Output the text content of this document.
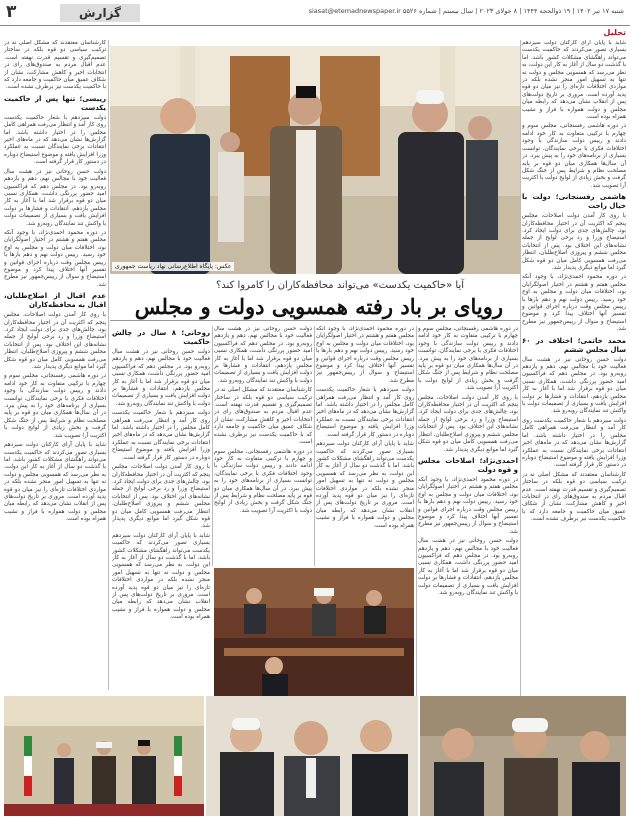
۳	گزارش	شنبه ۱۷ تیر ۱۴۰۲ | ۱۹ ذوالحجه ۱۴۴۴ | ۸ جولای ۲۰۲۳ | سال بیستم | شماره ۵۵۲۶ siasat@etemadnewspaper.ir
تحلیل
عکس: پایگاه اطلاع‌رسانی نهاد ریاست جمهوری
آیا «حاکمیت یکدست» می‌تواند محافظه‌کاران را کامروا کند؟
رویای بر باد رفته همسویی دولت و مجلس

شاید با پایان آرای کارکنان دولت سیزدهم بسیاری تصور می‌کردند که حاکمیت یکدست می‌تواند راهگشای مشکلات کشور باشد. اما با گذشت دو سال از آغاز به کار این دولت، به نظر می‌رسد که همسویی مجلس و دولت نه تنها به تسهیل امور منجر نشده بلکه در مواردی اختلافات تازه‌ای را نیز میان دو قوه پدید آورده است. مروری بر تاریخ دولت‌های پس از انقلاب نشان می‌دهد که رابطه میان مجلس و دولت همواره با فراز و نشیب همراه بوده است.

در دوره هاشمی رفسنجانی، مجلس سوم و چهارم با ترکیبی متفاوت به کار خود ادامه دادند و رییس دولت سازندگی با وجود اختلافات فکری با برخی نمایندگان، توانست بسیاری از برنامه‌های خود را به پیش ببرد. در آن سال‌ها همکاری میان دو قوه بر پایه مصلحت نظام و شرایط پس از جنگ شکل گرفت و بخش زیادی از لوایح دولت با اکثریت آرا تصویب شد.

هاشمی رفسنجانی؛ دولت با خیال راحت

با روی کار آمدن دولت اصلاحات، مجلس پنجم که اکثریت آن در اختیار محافظه‌کاران بود، چالش‌های جدی برای دولت ایجاد کرد. استیضاح وزرا و رد برخی لوایح از جمله نشانه‌های این اختلاف بود. پس از انتخابات مجلس ششم و پیروزی اصلاح‌طلبان، انتظار می‌رفت همسویی کامل میان دو قوه شکل گیرد اما موانع دیگری پدیدار شد.

در دوره محمود احمدی‌نژاد، با وجود آنکه مجلس هفتم و هشتم در اختیار اصولگرایان بود، اختلافات میان دولت و مجلس به اوج خود رسید. رییس دولت نهم و دهم بارها با رییس مجلس وقت درباره اجرای قوانین و تفسیر آنها اختلاف پیدا کرد و موضوع استیضاح و سوال از رییس‌جمهور نیز مطرح شد.

محمد خاتمی؛ اختلاف در ۶۰ سال مجلس ششم

دولت حسن روحانی نیز در هشت سال فعالیت خود با مجالس نهم، دهم و یازدهم روبه‌رو بود. در مجلس دهم که فراکسیون امید حضور پررنگی داشت، همکاری نسبی میان دو قوه برقرار شد اما با آغاز به کار مجلس یازدهم، انتقادات و فشارها بر دولت افزایش یافت و بسیاری از تصمیمات دولت با واکنش تند نمایندگان روبه‌رو شد.

دولت سیزدهم با شعار حاکمیت یکدست روی کار آمد و انتظار می‌رفت همراهی کامل مجلس را در اختیار داشته باشد. اما گزارش‌ها نشان می‌دهد که در ماه‌های اخیر انتقادات برخی نمایندگان نسبت به عملکرد وزرا افزایش یافته و موضوع استیضاح دوباره در دستور کار قرار گرفته است.

کارشناسان معتقدند که مشکل اصلی نه در ترکیب سیاسی دو قوه بلکه در ساختار تصمیم‌گیری و تقسیم قدرت نهفته است. عدم اقبال مردم به صندوق‌های رای در انتخابات اخیر و کاهش مشارکت، نشان از شکاف عمیق میان حاکمیت و جامعه دارد که با حاکمیت یکدست نیز برطرف نشده است.

کارشناسان معتقدند که مشکل اصلی نه در ترکیب سیاسی دو قوه بلکه در ساختار تصمیم‌گیری و تقسیم قدرت نهفته است. عدم اقبال مردم به صندوق‌های رای در انتخابات اخیر و کاهش مشارکت، نشان از شکاف عمیق میان حاکمیت و جامعه دارد که با حاکمیت یکدست نیز برطرف نشده است.

رییسی؛ تنها پس از حاکمیت یکدست

دولت سیزدهم با شعار حاکمیت یکدست روی کار آمد و انتظار می‌رفت همراهی کامل مجلس را در اختیار داشته باشد. اما گزارش‌ها نشان می‌دهد که در ماه‌های اخیر انتقادات برخی نمایندگان نسبت به عملکرد وزرا افزایش یافته و موضوع استیضاح دوباره در دستور کار قرار گرفته است.

دولت حسن روحانی نیز در هشت سال فعالیت خود با مجالس نهم، دهم و یازدهم روبه‌رو بود. در مجلس دهم که فراکسیون امید حضور پررنگی داشت، همکاری نسبی میان دو قوه برقرار شد اما با آغاز به کار مجلس یازدهم، انتقادات و فشارها بر دولت افزایش یافت و بسیاری از تصمیمات دولت با واکنش تند نمایندگان روبه‌رو شد.

در دوره محمود احمدی‌نژاد، با وجود آنکه مجلس هفتم و هشتم در اختیار اصولگرایان بود، اختلافات میان دولت و مجلس به اوج خود رسید. رییس دولت نهم و دهم بارها با رییس مجلس وقت درباره اجرای قوانین و تفسیر آنها اختلاف پیدا کرد و موضوع استیضاح و سوال از رییس‌جمهور نیز مطرح شد.

عدم اقبال از اصلاح‌طلبان، اقبال به محافظه‌کاران

با روی کار آمدن دولت اصلاحات، مجلس پنجم که اکثریت آن در اختیار محافظه‌کاران بود، چالش‌های جدی برای دولت ایجاد کرد. استیضاح وزرا و رد برخی لوایح از جمله نشانه‌های این اختلاف بود. پس از انتخابات مجلس ششم و پیروزی اصلاح‌طلبان، انتظار می‌رفت همسویی کامل میان دو قوه شکل گیرد اما موانع دیگری پدیدار شد.

در دوره هاشمی رفسنجانی، مجلس سوم و چهارم با ترکیبی متفاوت به کار خود ادامه دادند و رییس دولت سازندگی با وجود اختلافات فکری با برخی نمایندگان، توانست بسیاری از برنامه‌های خود را به پیش ببرد. در آن سال‌ها همکاری میان دو قوه بر پایه مصلحت نظام و شرایط پس از جنگ شکل گرفت و بخش زیادی از لوایح دولت با اکثریت آرا تصویب شد.

شاید با پایان آرای کارکنان دولت سیزدهم بسیاری تصور می‌کردند که حاکمیت یکدست می‌تواند راهگشای مشکلات کشور باشد. اما با گذشت دو سال از آغاز به کار این دولت، به نظر می‌رسد که همسویی مجلس و دولت نه تنها به تسهیل امور منجر نشده بلکه در مواردی اختلافات تازه‌ای را نیز میان دو قوه پدید آورده است. مروری بر تاریخ دولت‌های پس از انقلاب نشان می‌دهد که رابطه میان مجلس و دولت همواره با فراز و نشیب همراه بوده است.

در دوره هاشمی رفسنجانی، مجلس سوم و چهارم با ترکیبی متفاوت به کار خود ادامه دادند و رییس دولت سازندگی با وجود اختلافات فکری با برخی نمایندگان، توانست بسیاری از برنامه‌های خود را به پیش ببرد. در آن سال‌ها همکاری میان دو قوه بر پایه مصلحت نظام و شرایط پس از جنگ شکل گرفت و بخش زیادی از لوایح دولت با اکثریت آرا تصویب شد.

با روی کار آمدن دولت اصلاحات، مجلس پنجم که اکثریت آن در اختیار محافظه‌کاران بود، چالش‌های جدی برای دولت ایجاد کرد. استیضاح وزرا و رد برخی لوایح از جمله نشانه‌های این اختلاف بود. پس از انتخابات مجلس ششم و پیروزی اصلاح‌طلبان، انتظار می‌رفت همسویی کامل میان دو قوه شکل گیرد اما موانع دیگری پدیدار شد.

احمدی‌نژاد؛ اصلاحات مجلس و قوه دولت

در دوره محمود احمدی‌نژاد، با وجود آنکه مجلس هفتم و هشتم در اختیار اصولگرایان بود، اختلافات میان دولت و مجلس به اوج خود رسید. رییس دولت نهم و دهم بارها با رییس مجلس وقت درباره اجرای قوانین و تفسیر آنها اختلاف پیدا کرد و موضوع استیضاح و سوال از رییس‌جمهور نیز مطرح شد.

دولت حسن روحانی نیز در هشت سال فعالیت خود با مجالس نهم، دهم و یازدهم روبه‌رو بود. در مجلس دهم که فراکسیون امید حضور پررنگی داشت، همکاری نسبی میان دو قوه برقرار شد اما با آغاز به کار مجلس یازدهم، انتقادات و فشارها بر دولت افزایش یافت و بسیاری از تصمیمات دولت با واکنش تند نمایندگان روبه‌رو شد.

در دوره محمود احمدی‌نژاد، با وجود آنکه مجلس هفتم و هشتم در اختیار اصولگرایان بود، اختلافات میان دولت و مجلس به اوج خود رسید. رییس دولت نهم و دهم بارها با رییس مجلس وقت درباره اجرای قوانین و تفسیر آنها اختلاف پیدا کرد و موضوع استیضاح و سوال از رییس‌جمهور نیز مطرح شد.

دولت سیزدهم با شعار حاکمیت یکدست روی کار آمد و انتظار می‌رفت همراهی کامل مجلس را در اختیار داشته باشد. اما گزارش‌ها نشان می‌دهد که در ماه‌های اخیر انتقادات برخی نمایندگان نسبت به عملکرد وزرا افزایش یافته و موضوع استیضاح دوباره در دستور کار قرار گرفته است.

شاید با پایان آرای کارکنان دولت سیزدهم بسیاری تصور می‌کردند که حاکمیت یکدست می‌تواند راهگشای مشکلات کشور باشد. اما با گذشت دو سال از آغاز به کار این دولت، به نظر می‌رسد که همسویی مجلس و دولت نه تنها به تسهیل امور منجر نشده بلکه در مواردی اختلافات تازه‌ای را نیز میان دو قوه پدید آورده است. مروری بر تاریخ دولت‌های پس از انقلاب نشان می‌دهد که رابطه میان مجلس و دولت همواره با فراز و نشیب همراه بوده است.

دولت حسن روحانی نیز در هشت سال فعالیت خود با مجالس نهم، دهم و یازدهم روبه‌رو بود. در مجلس دهم که فراکسیون امید حضور پررنگی داشت، همکاری نسبی میان دو قوه برقرار شد اما با آغاز به کار مجلس یازدهم، انتقادات و فشارها بر دولت افزایش یافت و بسیاری از تصمیمات دولت با واکنش تند نمایندگان روبه‌رو شد.

کارشناسان معتقدند که مشکل اصلی نه در ترکیب سیاسی دو قوه بلکه در ساختار تصمیم‌گیری و تقسیم قدرت نهفته است. عدم اقبال مردم به صندوق‌های رای در انتخابات اخیر و کاهش مشارکت، نشان از شکاف عمیق میان حاکمیت و جامعه دارد که با حاکمیت یکدست نیز برطرف نشده است.

در دوره هاشمی رفسنجانی، مجلس سوم و چهارم با ترکیبی متفاوت به کار خود ادامه دادند و رییس دولت سازندگی با وجود اختلافات فکری با برخی نمایندگان، توانست بسیاری از برنامه‌های خود را به پیش ببرد. در آن سال‌ها همکاری میان دو قوه بر پایه مصلحت نظام و شرایط پس از جنگ شکل گرفت و بخش زیادی از لوایح دولت با اکثریت آرا تصویب شد.

روحانی؛ ۸ سال در چالش حاکمیت

دولت حسن روحانی نیز در هشت سال فعالیت خود با مجالس نهم، دهم و یازدهم روبه‌رو بود. در مجلس دهم که فراکسیون امید حضور پررنگی داشت، همکاری نسبی میان دو قوه برقرار شد اما با آغاز به کار مجلس یازدهم، انتقادات و فشارها بر دولت افزایش یافت و بسیاری از تصمیمات دولت با واکنش تند نمایندگان روبه‌رو شد.

دولت سیزدهم با شعار حاکمیت یکدست روی کار آمد و انتظار می‌رفت همراهی کامل مجلس را در اختیار داشته باشد. اما گزارش‌ها نشان می‌دهد که در ماه‌های اخیر انتقادات برخی نمایندگان نسبت به عملکرد وزرا افزایش یافته و موضوع استیضاح دوباره در دستور کار قرار گرفته است.

با روی کار آمدن دولت اصلاحات، مجلس پنجم که اکثریت آن در اختیار محافظه‌کاران بود، چالش‌های جدی برای دولت ایجاد کرد. استیضاح وزرا و رد برخی لوایح از جمله نشانه‌های این اختلاف بود. پس از انتخابات مجلس ششم و پیروزی اصلاح‌طلبان، انتظار می‌رفت همسویی کامل میان دو قوه شکل گیرد اما موانع دیگری پدیدار شد.

شاید با پایان آرای کارکنان دولت سیزدهم بسیاری تصور می‌کردند که حاکمیت یکدست می‌تواند راهگشای مشکلات کشور باشد. اما با گذشت دو سال از آغاز به کار این دولت، به نظر می‌رسد که همسویی مجلس و دولت نه تنها به تسهیل امور منجر نشده بلکه در مواردی اختلافات تازه‌ای را نیز میان دو قوه پدید آورده است. مروری بر تاریخ دولت‌های پس از انقلاب نشان می‌دهد که رابطه میان مجلس و دولت همواره با فراز و نشیب همراه بوده است.
